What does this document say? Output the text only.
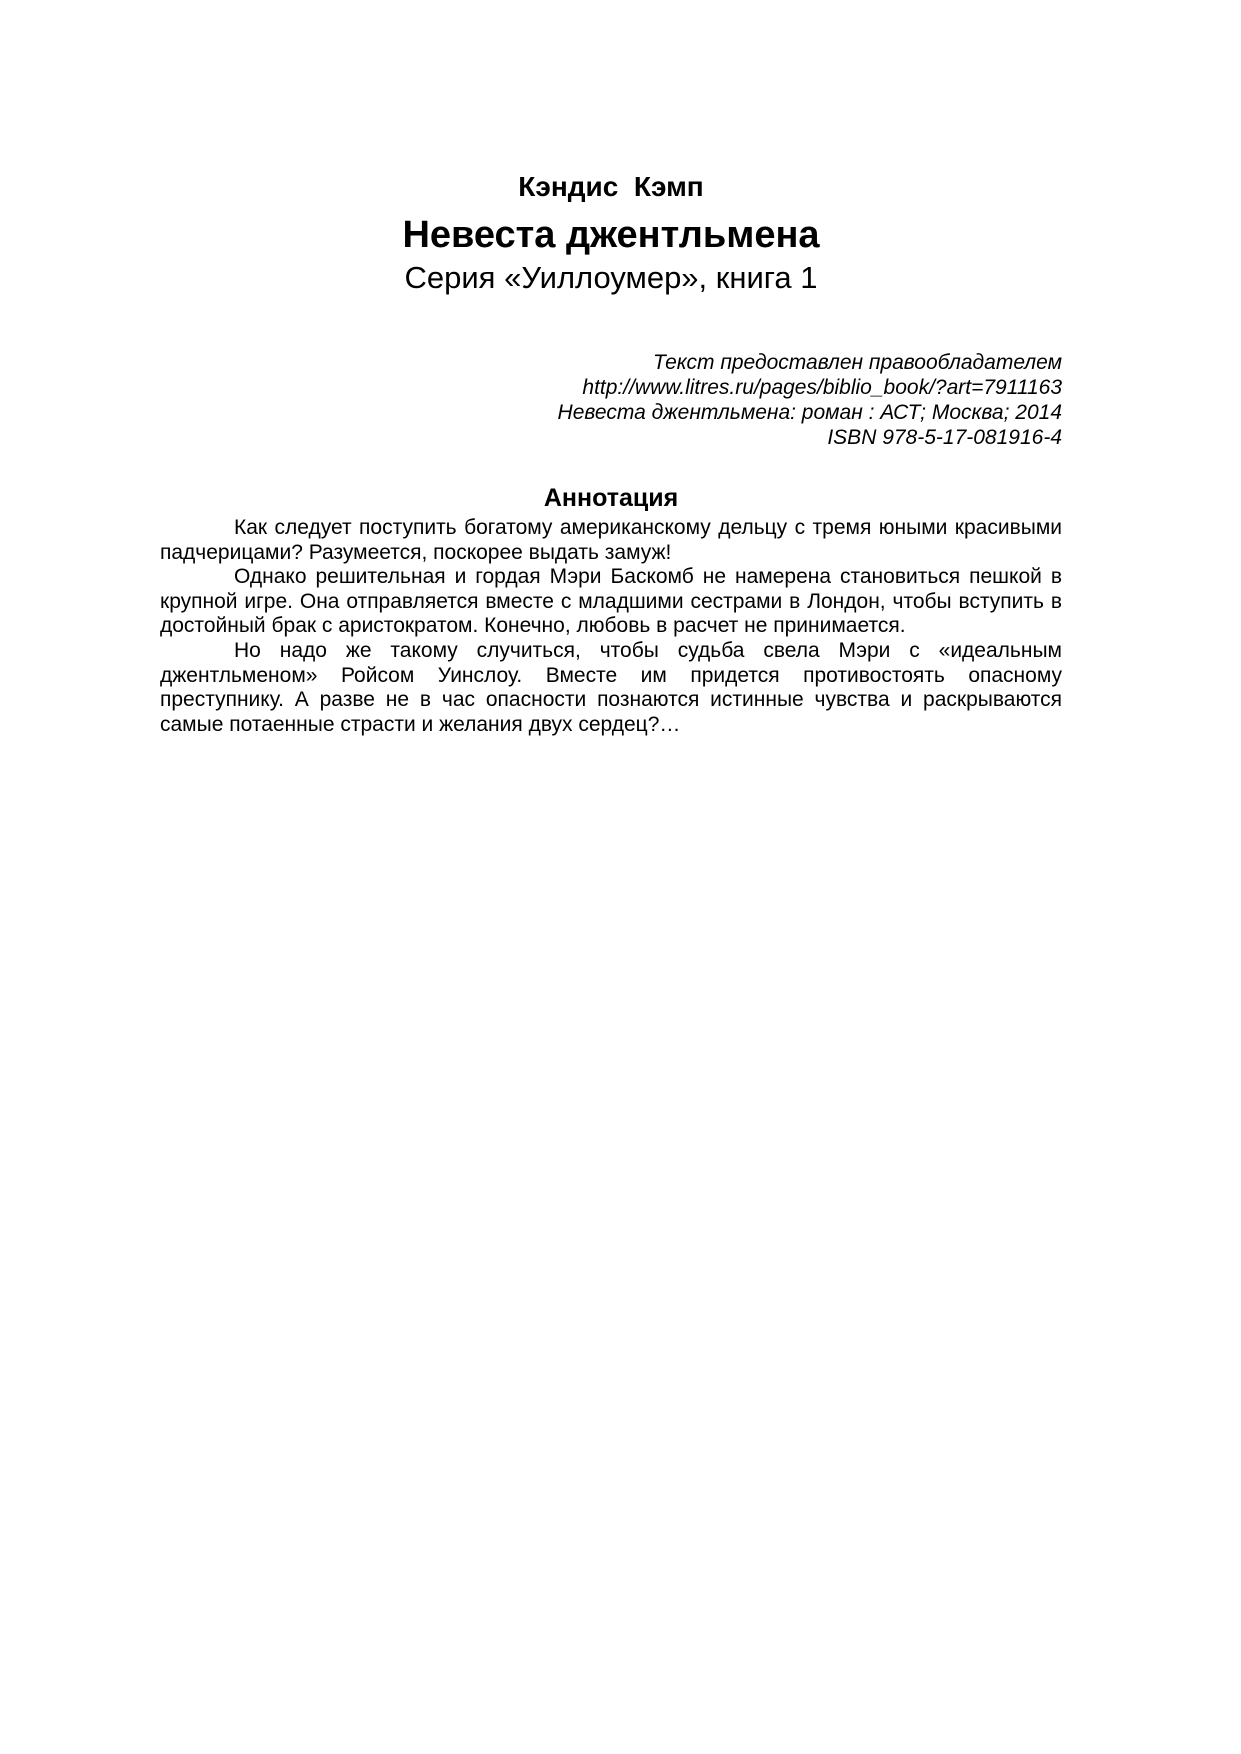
Кэндис  Кэмп
Невеста джентльмена
Серия «Уиллоумер», книга 1
Текст предоставлен правообладателем
http://www.litres.ru/pages/biblio_book/?art=7911163
Невеста джентльмена: роман : АСТ; Москва; 2014
ISBN 978-5-17-081916-4
Аннотация

Как следует поступить богатому американскому дельцу с тремя юными красивыми падчерицами? Разумеется, поскорее выдать замуж!

Однако решительная и гордая Мэри Баскомб не намерена становиться пешкой в крупной игре. Она отправляется вместе с младшими сестрами в Лондон, чтобы вступить в достойный брак с аристократом. Конечно, любовь в расчет не принимается.

Но надо же такому случиться, чтобы судьба свела Мэри с «идеальным джентльменом» Ройсом Уинслоу. Вместе им придется противостоять опасному преступнику. А разве не в час опасности познаются истинные чувства и раскрываются самые потаенные страсти и желания двух сердец?…
